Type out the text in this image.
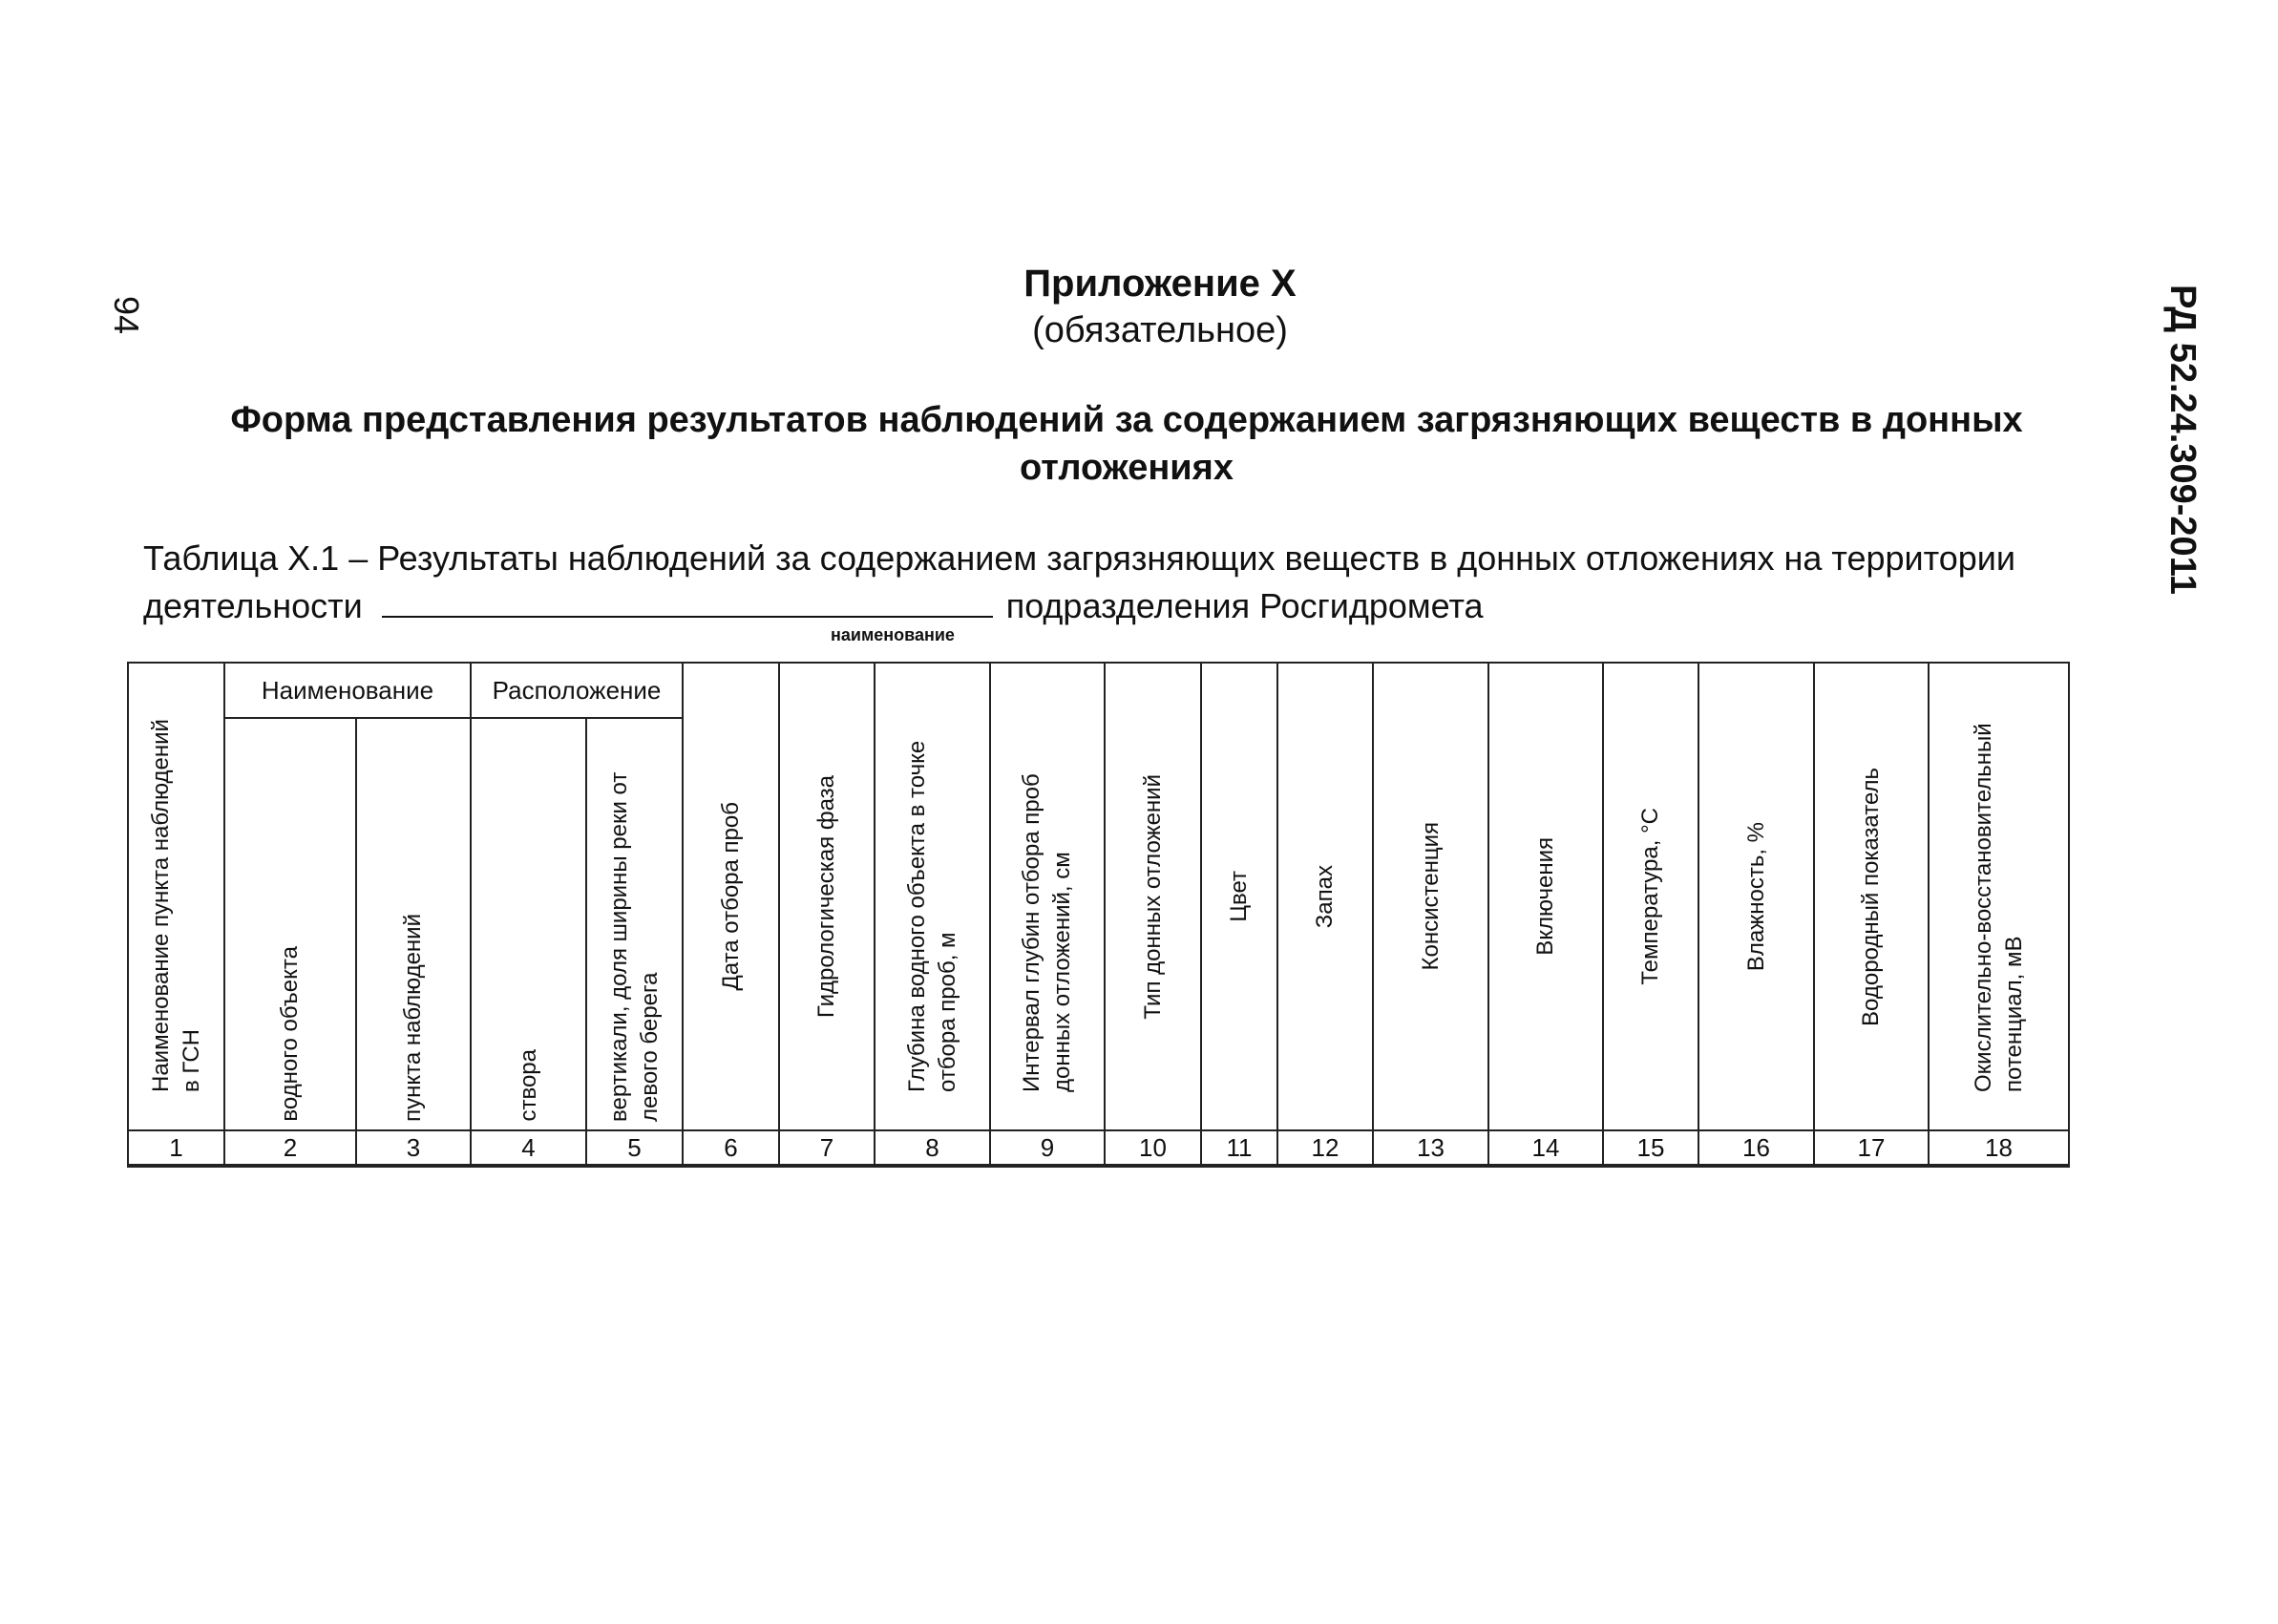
94	РД 52.24.309-2011
Приложение Х
(обязательное)
Форма представления результатов наблюдений за содержанием загрязняющих веществ в донных отложениях
Таблица Х.1 – Результаты наблюдений за содержанием загрязняющих веществ в донных отложениях на территории деятельности	подразделения Росгидромета
наименование
Наименование пункта наблюдений в ГСН	Наименование		Расположение		Дата отбора проб	Гидрологическая фаза	Глубина водного объекта в точке отбора проб, м	Интервал глубин отбора проб донных отложений, см	Тип донных отложений	Цвет	Запах	Консистенция	Включения	Температура, °С	Влажность, %	Водородный показатель	Окислительно-восстановительный потенциал, мВ

	водного объекта	пункта наблюдений	створа	вертикали, доля ширины реки от левого берега													

1	2	3	4	5	6	7	8	9	10	11	12	13	14	15	16	17	18
